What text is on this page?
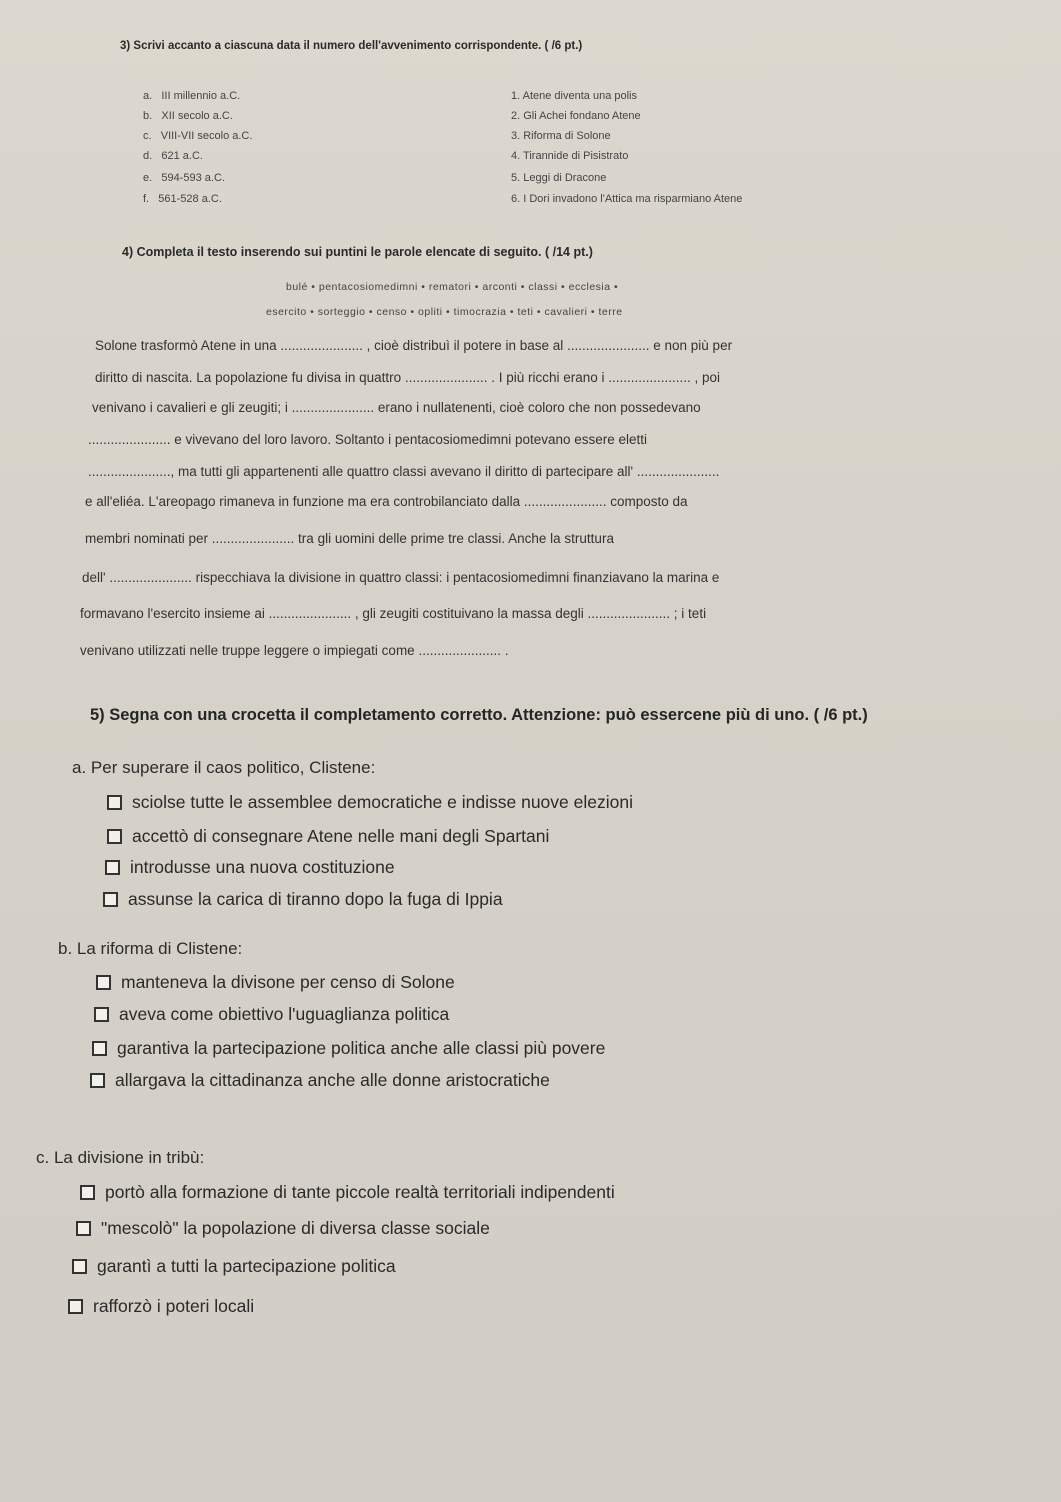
3) Scrivi accanto a ciascuna data il numero dell'avvenimento corrispondente. ( /6 pt.)
a. III millennio a.C.
b. XII secolo a.C.
c. VIII-VII secolo a.C.
d. 621 a.C.
e. 594-593 a.C.
f. 561-528 a.C.
1. Atene diventa una polis
2. Gli Achei fondano Atene
3. Riforma di Solone
4. Tirannide di Pisistrato
5. Leggi di Dracone
6. I Dori invadono l'Attica ma risparmiano Atene
4) Completa il testo inserendo sui puntini le parole elencate di seguito. ( /14 pt.)
bulé • pentacosiomedimni • rematori • arconti • classi • ecclesia •
esercito • sorteggio • censo • opliti • timocrazia • teti • cavalieri • terre
Solone trasformò Atene in una ...................... , cioè distribuì il potere in base al ...................... e non più per
diritto di nascita. La popolazione fu divisa in quattro ...................... . I più ricchi erano i ...................... , poi
venivano i cavalieri e gli zeugiti; i ...................... erano i nullatenenti, cioè coloro che non possedevano
...................... e vivevano del loro lavoro. Soltanto i pentacosiomedimni potevano essere eletti
......................, ma tutti gli appartenenti alle quattro classi avevano il diritto di partecipare all' ......................
e all'eliéa. L'areopago rimaneva in funzione ma era controbilanciato dalla ...................... composto da
membri nominati per ...................... tra gli uomini delle prime tre classi. Anche la struttura
dell' ...................... rispecchiava la divisione in quattro classi: i pentacosiomedimni finanziavano la marina e
formavano l'esercito insieme ai ...................... , gli zeugiti costituivano la massa degli ...................... ; i teti
venivano utilizzati nelle truppe leggere o impiegati come ...................... .
5) Segna con una crocetta il completamento corretto. Attenzione: può essercene più di uno. ( /6 pt.)
a. Per superare il caos politico, Clistene:
sciolse tutte le assemblee democratiche e indisse nuove elezioni
accettò di consegnare Atene nelle mani degli Spartani
introdusse una nuova costituzione
assunse la carica di tiranno dopo la fuga di Ippia
b. La riforma di Clistene:
manteneva la divisone per censo di Solone
aveva come obiettivo l'uguaglianza politica
garantiva la partecipazione politica anche alle classi più povere
allargava la cittadinanza anche alle donne aristocratiche
c. La divisione in tribù:
portò alla formazione di tante piccole realtà territoriali indipendenti
"mescolò" la popolazione di diversa classe sociale
garantì a tutti la partecipazione politica
rafforzò i poteri locali
